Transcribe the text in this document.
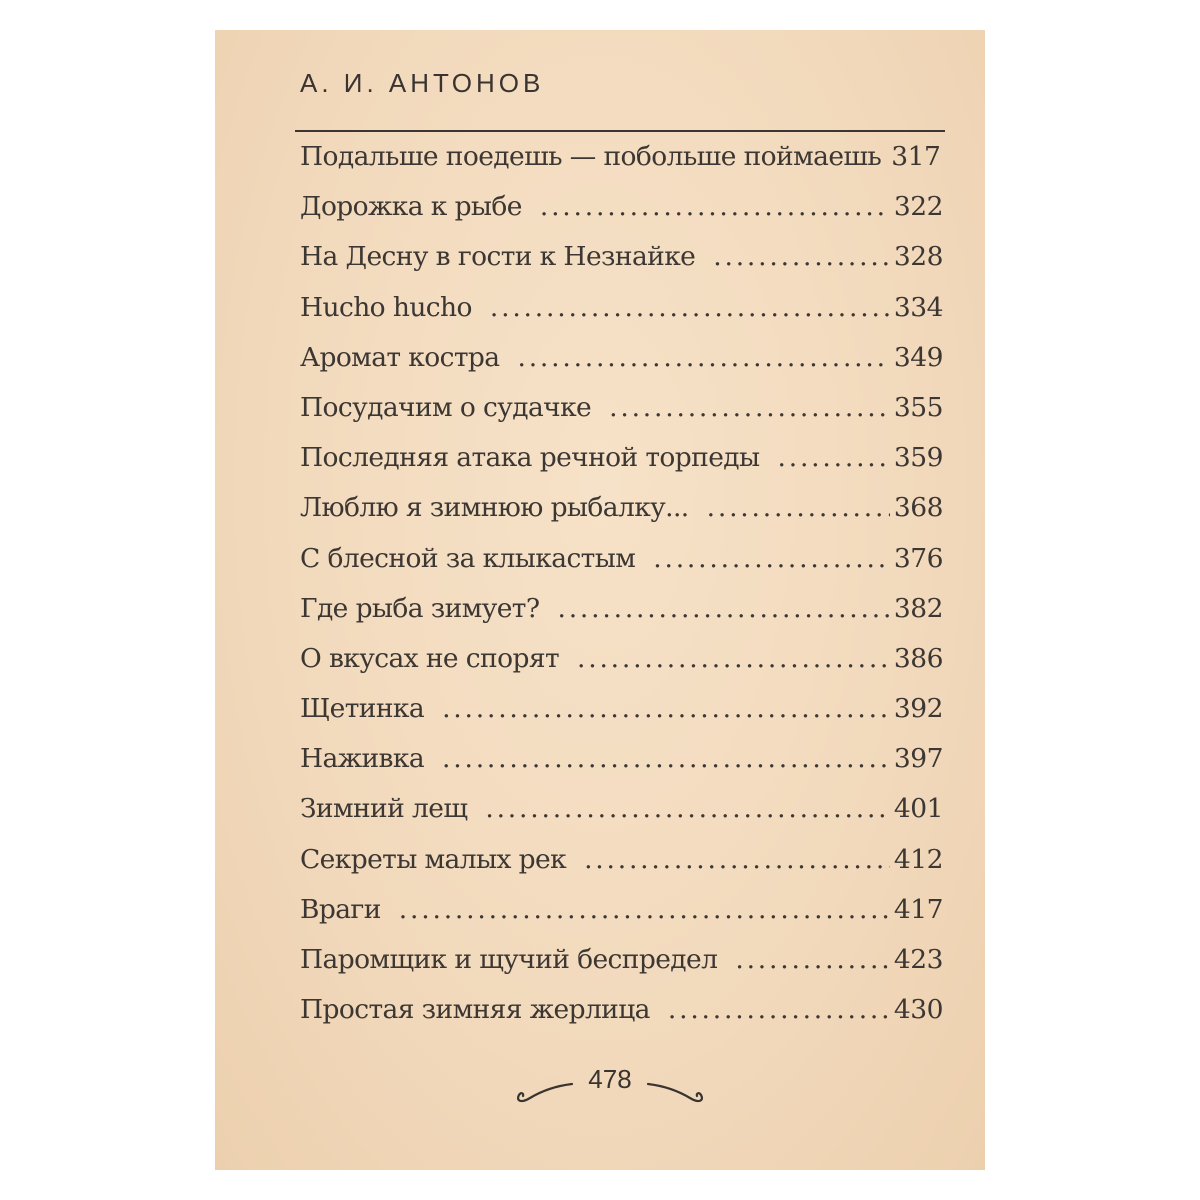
А. И. АНТОНОВ
Подальше поедешь — побольше поймаешь 317
Дорожка к рыбе .....	322
На Десну в гости к Незнайке .....	328
Hucho hucho .....	334
Аромат костра .....	349
Посудачим о судачке .....	355
Последняя атака речной торпеды .....	359
Люблю я зимнюю рыбалку... .....	368
С блесной за клыкастым .....	376
Где рыба зимует? .....	382
О вкусах не спорят .....	386
Щетинка .....	392
Наживка .....	397
Зимний лещ .....	401
Секреты малых рек .....	412
Враги .....	417
Паромщик и щучий беспредел .....	423
Простая зимняя жерлица .....	430
478
